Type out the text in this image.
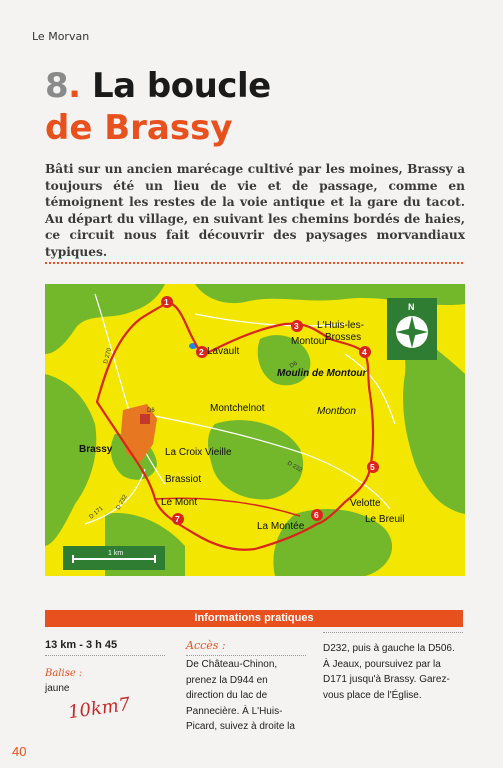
Le Morvan
8. La boucle
de Brassy
Bâti sur un ancien marécage cultivé par les moines, Brassy a toujours été un lieu de vie et de passage, comme en témoignent les restes de la voie antique et la gare du tacot. Au départ du village, en suivant les chemins bordés de haies, ce circuit nous fait découvrir des paysages morvandiaux typiques.
1
2
3
4
5
6
7
Lavault
Montour
L'Huis-les-
Brosses
Moulin de Montour
Montchelnot	Montbon
Brassy	La Croix Vieille
Brassiot
Le Mont	Velotte
Le Breuil
La Montée
D6
D 171
D 232
D 270
D6
D 232
N
1 km
Informations pratiques
13 km - 3 h 45
Balise :
jaune
10km7
Accès :
De Château-Chinon, prenez la D944 en direction du lac de Pannecière. À L'Huis-Picard, suivez à droite la
D232, puis à gauche la D506. À Jeaux, poursuivez par la D171 jusqu'à Brassy. Garez-vous place de l'Église.
40
